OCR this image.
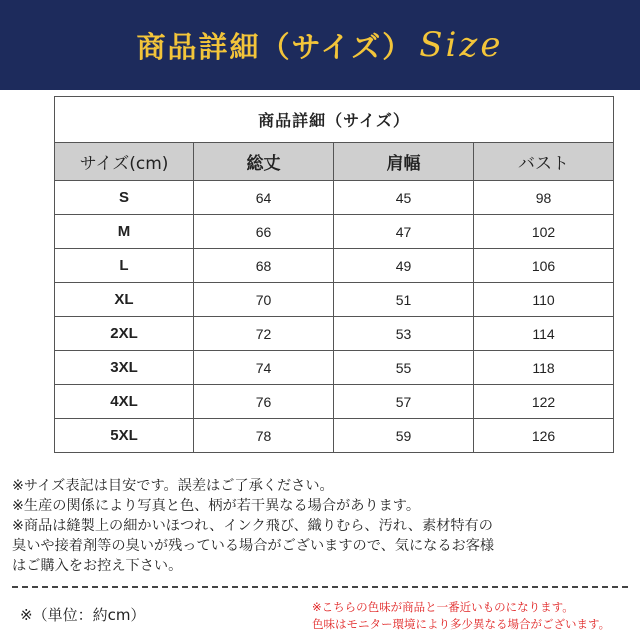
商品詳細（サイズ） Size
商品詳細（サイズ）			
サイズ(cm)	総丈	肩幅	バスト
S	64	45	98
M	66	47	102
L	68	49	106
XL	70	51	110
2XL	72	53	114
3XL	74	55	118
4XL	76	57	122
5XL	78	59	126
※サイズ表記は目安です。誤差はご了承ください。
※生産の関係により写真と色、柄が若干異なる場合があります。
※商品は縫製上の細かいほつれ、インク飛び、織りむら、汚れ、素材特有の
臭いや接着剤等の臭いが残っている場合がございますので、気になるお客様
はご購入をお控え下さい。
※（単位：約cm）	※こちらの色味が商品と一番近いものになります。
色味はモニター環境により多少異なる場合がございます。
